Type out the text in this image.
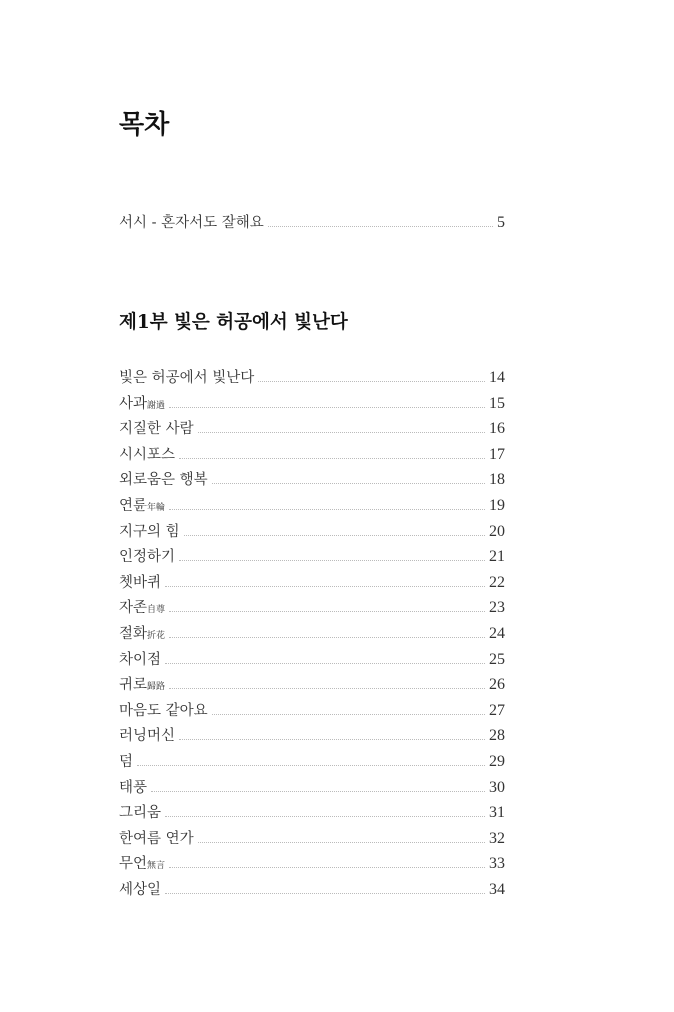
목차
서시 - 혼자서도 잘해요	5
제1부 빛은 허공에서 빛난다
빛은 허공에서 빛난다	14
사과謝過	15
지질한 사람	16
시시포스	17
외로움은 행복	18
연륜年輪	19
지구의 힘	20
인정하기	21
쳇바퀴	22
자존自尊	23
절화折花	24
차이점	25
귀로歸路	26
마음도 같아요	27
러닝머신	28
덤	29
태풍	30
그리움	31
한여름 연가	32
무언無言	33
세상일	34
